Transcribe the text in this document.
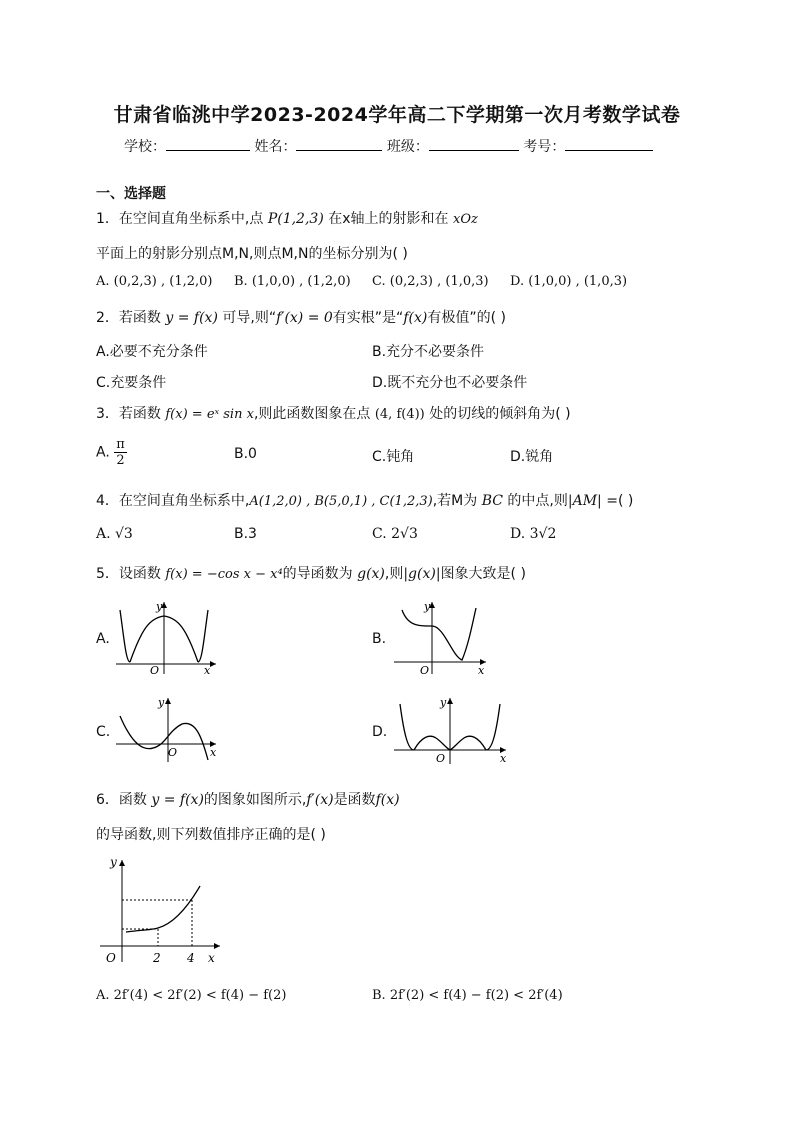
甘肃省临洮中学2023-2024学年高二下学期第一次月考数学试卷
学校：	姓名：	班级：	考号：
一、选择题
1．在空间直角坐标系中,点 P(1,2,3) 在x轴上的射影和在 xOz
平面上的射影分别点M,N,则点M,N的坐标分别为( )
A. (0,2,3) , (1,2,0) B. (1,0,0) , (1,2,0) C. (0,2,3) , (1,0,3) D. (1,0,0) , (1,0,3)
2．若函数 y = f(x) 可导,则“f′(x) = 0有实根”是“f(x)有极值”的( )
A.必要不充分条件	B.充分不必要条件
C.充要条件	D.既不充分也不必要条件
3．若函数 f(x) = eˣ sin x,则此函数图象在点 (4, f(4)) 处的切线的倾斜角为( )
A. $\frac{\pi}{2}$	B.0	C.钝角	D.锐角
4．在空间直角坐标系中,A(1,2,0) , B(5,0,1) , C(1,2,3),若M为 BC 的中点,则|AM| =( )
A. √3	B.3	C. 2√3	D. 3√2
5．设函数 f(x) = −cos x − x⁴的导函数为 g(x),则|g(x)|图象大致是( )
A.
y
O	x
B.
y
O	x
C.
y
O	x
D.
y
O	x
6．函数 y = f(x)的图象如图所示,f′(x)是函数f(x)
的导函数,则下列数值排序正确的是( )
y
O	2 4 x
A. 2f′(4) < 2f′(2) < f(4) − f(2)	B. 2f′(2) < f(4) − f(2) < 2f′(4)
